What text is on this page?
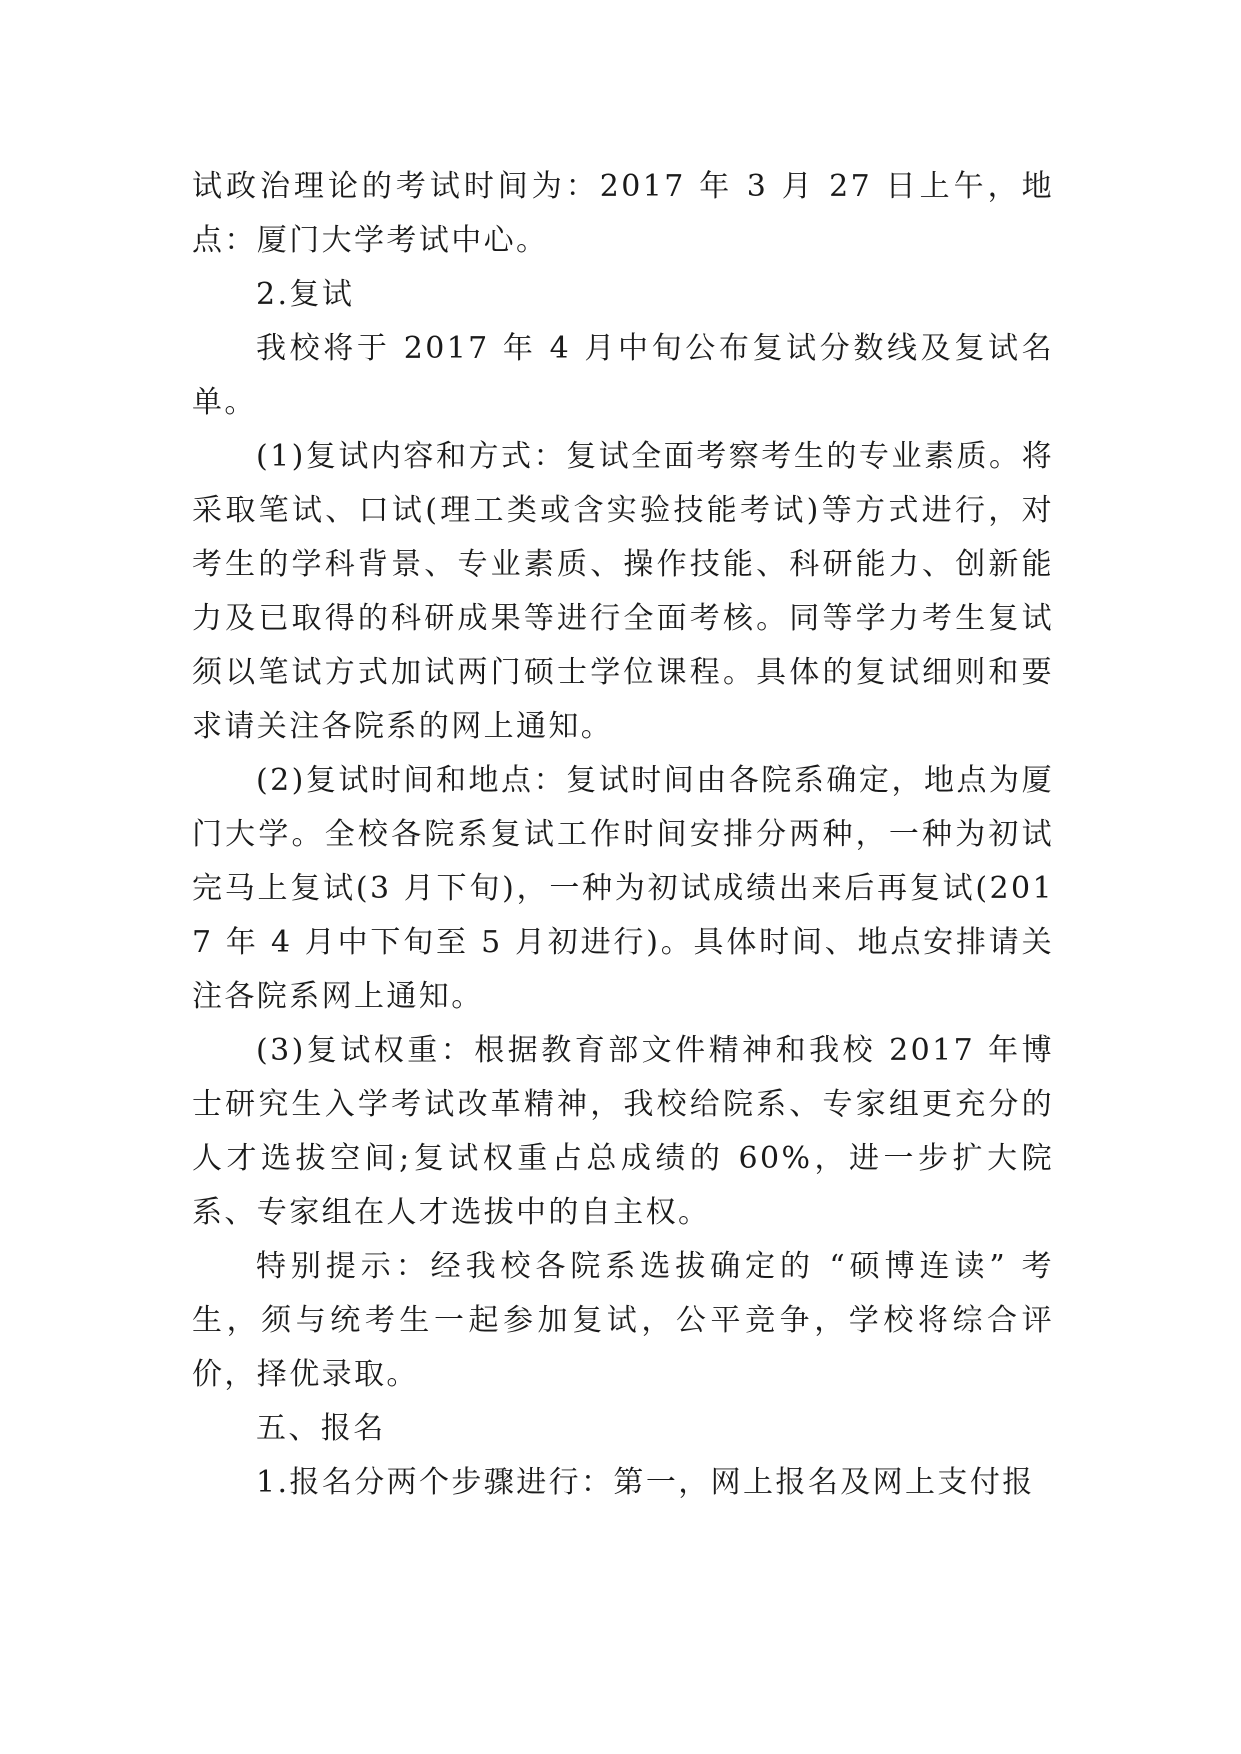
试政治理论的考试时间为：2017 年 3 月 27 日上午，地点：厦门大学考试中心。

2.复试

我校将于 2017 年 4 月中旬公布复试分数线及复试名单。

(1)复试内容和方式：复试全面考察考生的专业素质。将采取笔试、口试(理工类或含实验技能考试)等方式进行，对考生的学科背景、专业素质、操作技能、科研能力、创新能力及已取得的科研成果等进行全面考核。同等学力考生复试须以笔试方式加试两门硕士学位课程。具体的复试细则和要求请关注各院系的网上通知。

(2)复试时间和地点：复试时间由各院系确定，地点为厦门大学。全校各院系复试工作时间安排分两种，一种为初试完马上复试(3 月下旬)，一种为初试成绩出来后再复试(2017 年 4 月中下旬至 5 月初进行)。具体时间、地点安排请关注各院系网上通知。

(3)复试权重：根据教育部文件精神和我校 2017 年博士研究生入学考试改革精神，我校给院系、专家组更充分的人才选拔空间;复试权重占总成绩的 60%，进一步扩大院系、专家组在人才选拔中的自主权。

特别提示：经我校各院系选拔确定的 “硕博连读” 考生，须与统考生一起参加复试，公平竞争，学校将综合评价，择优录取。

五、报名

1.报名分两个步骤进行：第一，网上报名及网上支付报
